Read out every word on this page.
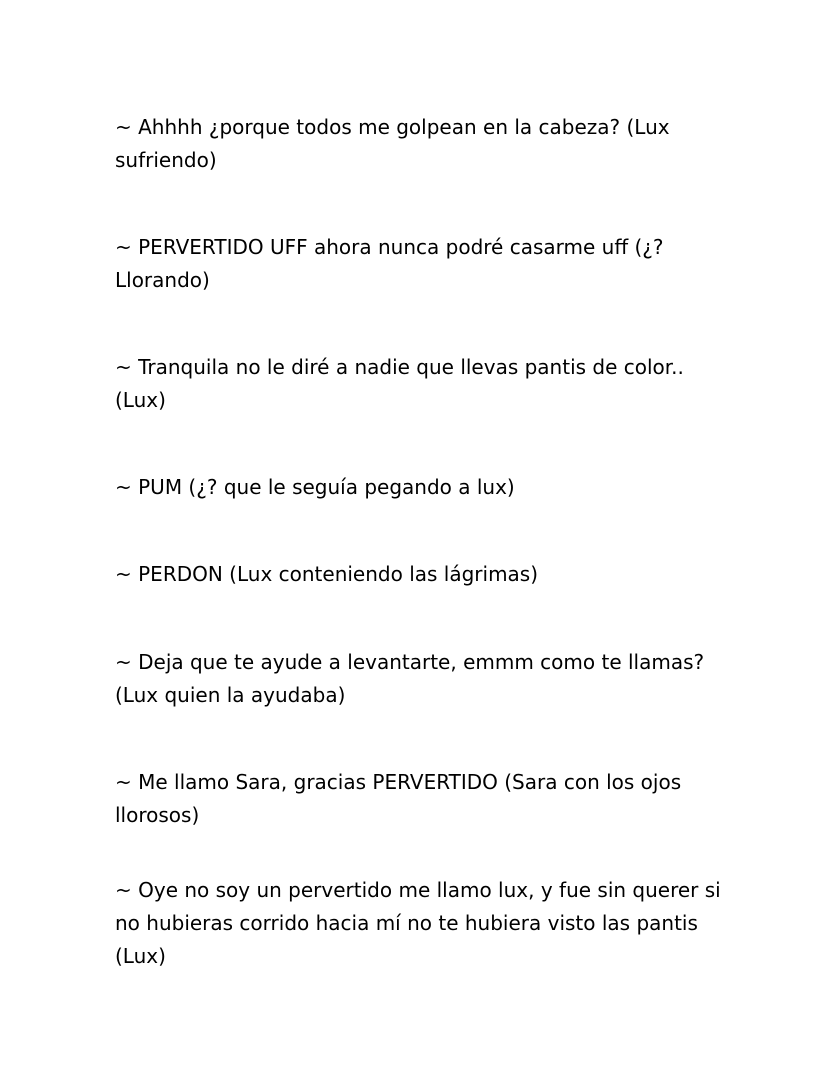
~ Ahhhh ¿porque todos me golpean en la cabeza? (Lux sufriendo)

~ PERVERTIDO UFF ahora nunca podré casarme uff (¿? Llorando)

~ Tranquila no le diré a nadie que llevas pantis de color.. (Lux)

~ PUM (¿? que le seguía pegando a lux)

~ PERDON (Lux conteniendo las lágrimas)

~ Deja que te ayude a levantarte, emmm como te llamas? (Lux quien la ayudaba)

~ Me llamo Sara, gracias PERVERTIDO (Sara con los ojos llorosos)

~ Oye no soy un pervertido me llamo lux, y fue sin querer si no hubieras corrido hacia mí no te hubiera visto las pantis (Lux)
